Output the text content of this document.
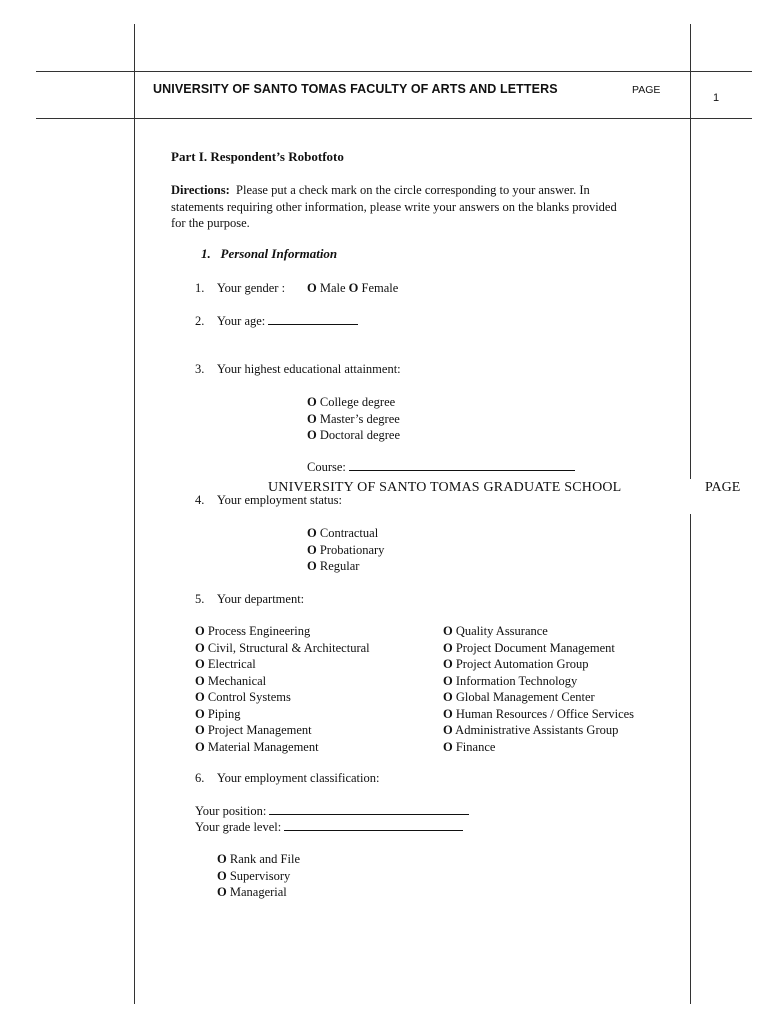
UNIVERSITY OF SANTO TOMAS FACULTY OF ARTS AND LETTERS	PAGE
1
UNIVERSITY OF SANTO TOMAS GRADUATE SCHOOL	PAGE
Part I. Respondent’s Robotfoto
Directions: Please put a check mark on the circle corresponding to your answer. In
statements requiring other information, please write your answers on the blanks provided
for the purpose.
1.   Personal Information
1. Your gender : O Male O Female
2. Your age:
3. Your highest educational attainment:
O College degree
O Master’s degree
O Doctoral degree
Course:
4. Your employment status:
O Contractual
O Probationary
O Regular
5. Your department:
O Process Engineering
O Civil, Structural & Architectural
O Electrical
O Mechanical
O Control Systems
O Piping
O Project Management
O Material Management
O Quality Assurance
O Project Document Management
O Project Automation Group
O Information Technology
O Global Management Center
O Human Resources / Office Services
O Administrative Assistants Group
O Finance
6. Your employment classification:
Your position:
Your grade level:
O Rank and File
O Supervisory
O Managerial
